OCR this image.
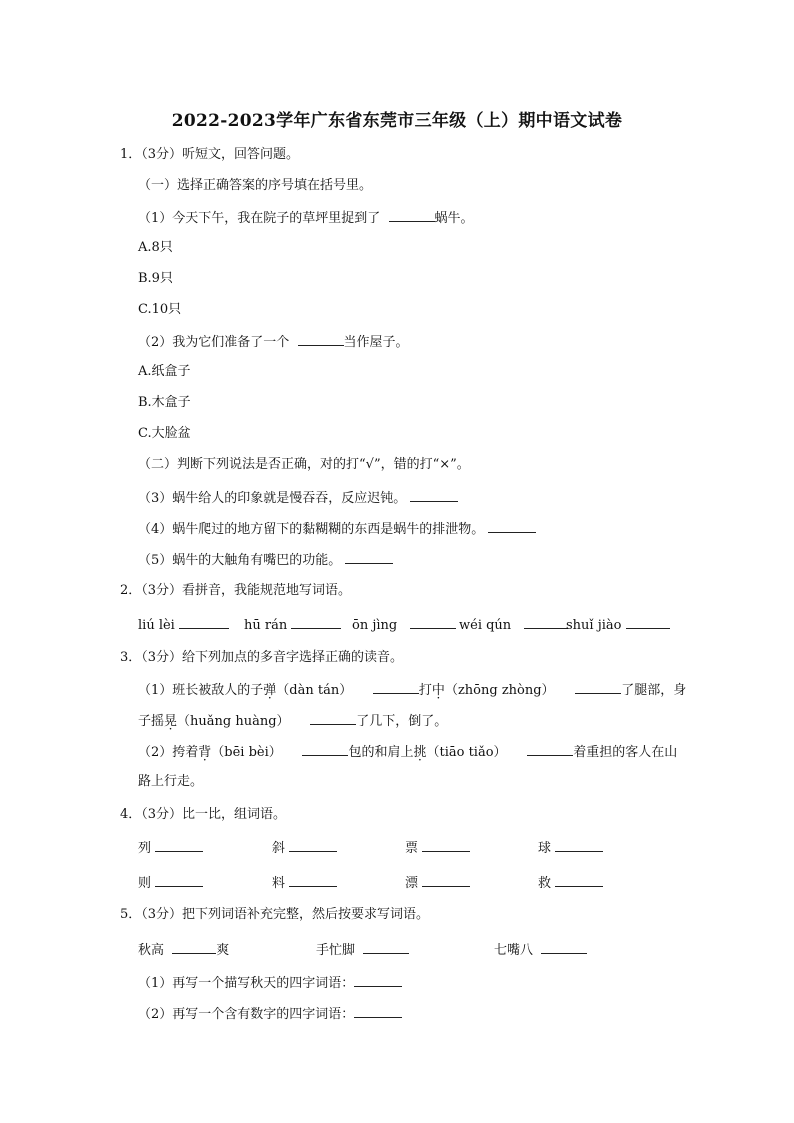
2022-2023学年广东省东莞市三年级（上）期中语文试卷
1．（3分）听短文，回答问题。
（一）选择正确答案的序号填在括号里。
（1）今天下午，我在院子的草坪里捉到了	蜗牛。
A.8只
B.9只
C.10只
（2）我为它们准备了一个	当作屋子。
A.纸盒子
B.木盒子
C.大脸盆
（二）判断下列说法是否正确，对的打“√”，错的打“×”。
（3）蜗牛给人的印象就是慢吞吞，反应迟钝。
（4）蜗牛爬过的地方留下的黏糊糊的东西是蜗牛的排泄物。
（5）蜗牛的大触角有嘴巴的功能。
2．（3分）看拼音，我能规范地写词语。
liú lèi	hū rán	ōn jìng	wéi qún	shuǐ jiào
3．（3分）给下列加点的多音字选择正确的读音。
（1）班长被敌人的子弹（dàn tán）	打中（zhōng zhòng）	了腿部，身
子摇晃（huǎng huàng）	了几下，倒了。
（2）挎着背（bēi bèi）	包的和肩上挑（tiāo tiǎo）	着重担的客人在山
路上行走。
4．（3分）比一比，组词语。
列	斜	票	球
则	料	漂	救
5．（3分）把下列词语补充完整，然后按要求写词语。
秋高	爽	手忙脚	七嘴八
（1）再写一个描写秋天的四字词语：
（2）再写一个含有数字的四字词语：
